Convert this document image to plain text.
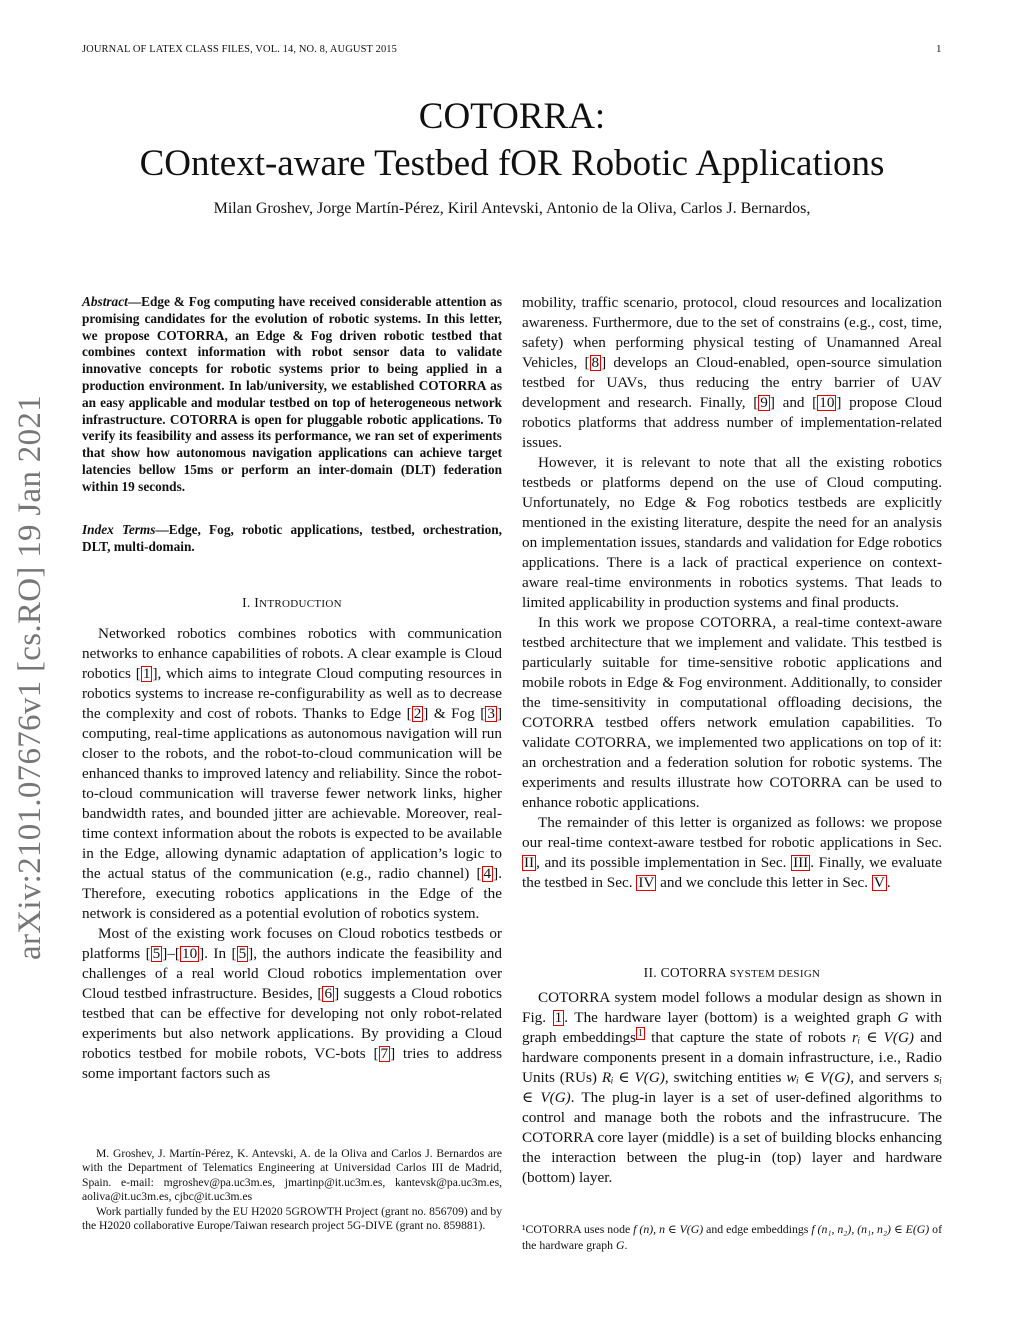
JOURNAL OF LATEX CLASS FILES, VOL. 14, NO. 8, AUGUST 2015	1
COTORRA:
COntext-aware Testbed fOR Robotic Applications
Milan Groshev, Jorge Martín-Pérez, Kiril Antevski, Antonio de la Oliva, Carlos J. Bernardos,
arXiv:2101.07676v1 [cs.RO] 19 Jan 2021
Abstract—Edge & Fog computing have received considerable attention as promising candidates for the evolution of robotic systems. In this letter, we propose COTORRA, an Edge & Fog driven robotic testbed that combines context information with robot sensor data to validate innovative concepts for robotic systems prior to being applied in a production environment. In lab/university, we established COTORRA as an easy applicable and modular testbed on top of heterogeneous network infrastructure. COTORRA is open for pluggable robotic applications. To verify its feasibility and assess its performance, we ran set of experiments that show how autonomous navigation applications can achieve target latencies bellow 15ms or perform an inter-domain (DLT) federation within 19 seconds.
Index Terms—Edge, Fog, robotic applications, testbed, orchestration, DLT, multi-domain.
I. INTRODUCTION

Networked robotics combines robotics with communication networks to enhance capabilities of robots. A clear example is Cloud robotics [ 1 ], which aims to integrate Cloud computing resources in robotics systems to increase re-configurability as well as to decrease the complexity and cost of robots. Thanks to Edge [ 2 ] & Fog [ 3 ] computing, real-time applications as autonomous navigation will run closer to the robots, and the robot-to-cloud communication will be enhanced thanks to improved latency and reliability. Since the robot-to-cloud communication will traverse fewer network links, higher bandwidth rates, and bounded jitter are achievable. Moreover, real-time context information about the robots is expected to be available in the Edge, allowing dynamic adaptation of application’s logic to the actual status of the communication (e.g., radio channel) [ 4 ]. Therefore, executing robotics applications in the Edge of the network is considered as a potential evolution of robotics system.

Most of the existing work focuses on Cloud robotics testbeds or platforms [ 5 ]–[ 10 ]. In [ 5 ], the authors indicate the feasibility and challenges of a real world Cloud robotics implementation over Cloud testbed infrastructure. Besides, [ 6 ] suggests a Cloud robotics testbed that can be effective for developing not only robot-related experiments but also network applications. By providing a Cloud robotics testbed for mobile robots, VC-bots [ 7 ] tries to address some important factors such as

M. Groshev, J. Martín-Pérez, K. Antevski, A. de la Oliva and Carlos J. Bernardos are with the Department of Telematics Engineering at Universidad Carlos III de Madrid, Spain. e-mail: mgroshev@pa.uc3m.es, jmartinp@it.uc3m.es, kantevsk@pa.uc3m.es, aoliva@it.uc3m.es, cjbc@it.uc3m.es

Work partially funded by the EU H2020 5GROWTH Project (grant no. 856709) and by the H2020 collaborative Europe/Taiwan research project 5G-DIVE (grant no. 859881).

mobility, traffic scenario, protocol, cloud resources and localization awareness. Furthermore, due to the set of constrains (e.g., cost, time, safety) when performing physical testing of Unamanned Areal Vehicles, [ 8 ] develops an Cloud-enabled, open-source simulation testbed for UAVs, thus reducing the entry barrier of UAV development and research. Finally, [ 9 ] and [ 10 ] propose Cloud robotics platforms that address number of implementation-related issues.

However, it is relevant to note that all the existing robotics testbeds or platforms depend on the use of Cloud computing. Unfortunately, no Edge & Fog robotics testbeds are explicitly mentioned in the existing literature, despite the need for an analysis on implementation issues, standards and validation for Edge robotics applications. There is a lack of practical experience on context-aware real-time environments in robotics systems. That leads to limited applicability in production systems and final products.

In this work we propose COTORRA, a real-time context-aware testbed architecture that we implement and validate. This testbed is particularly suitable for time-sensitive robotic applications and mobile robots in Edge & Fog environment. Additionally, to consider the time-sensitivity in computational offloading decisions, the COTORRA testbed offers network emulation capabilities. To validate COTORRA, we implemented two applications on top of it: an orchestration and a federation solution for robotic systems. The experiments and results illustrate how COTORRA can be used to enhance robotic applications.

The remainder of this letter is organized as follows: we propose our real-time context-aware testbed for robotic applications in Sec. II , and its possible implementation in Sec. III . Finally, we evaluate the testbed in Sec. IV and we conclude this letter in Sec. V .

II. COTORRA SYSTEM DESIGN

COTORRA system model follows a modular design as shown in Fig. 1 . The hardware layer (bottom) is a weighted graph G with graph embeddings $^1$ that capture the state of robots rᵢ ∈ V(G) and hardware components present in a domain infrastructure, i.e., Radio Units (RUs) Rᵢ ∈ V(G), switching entities wᵢ ∈ V(G), and servers sᵢ ∈ V(G). The plug-in layer is a set of user-defined algorithms to control and manage both the robots and the infrastrucure. The COTORRA core layer (middle) is a set of building blocks enhancing the interaction between the plug-in (top) layer and hardware (bottom) layer.

¹COTORRA uses node f (n), n ∈ V(G) and edge embeddings f (n₁, n₂), (n₁, n₂) ∈ E(G) of the hardware graph G.
